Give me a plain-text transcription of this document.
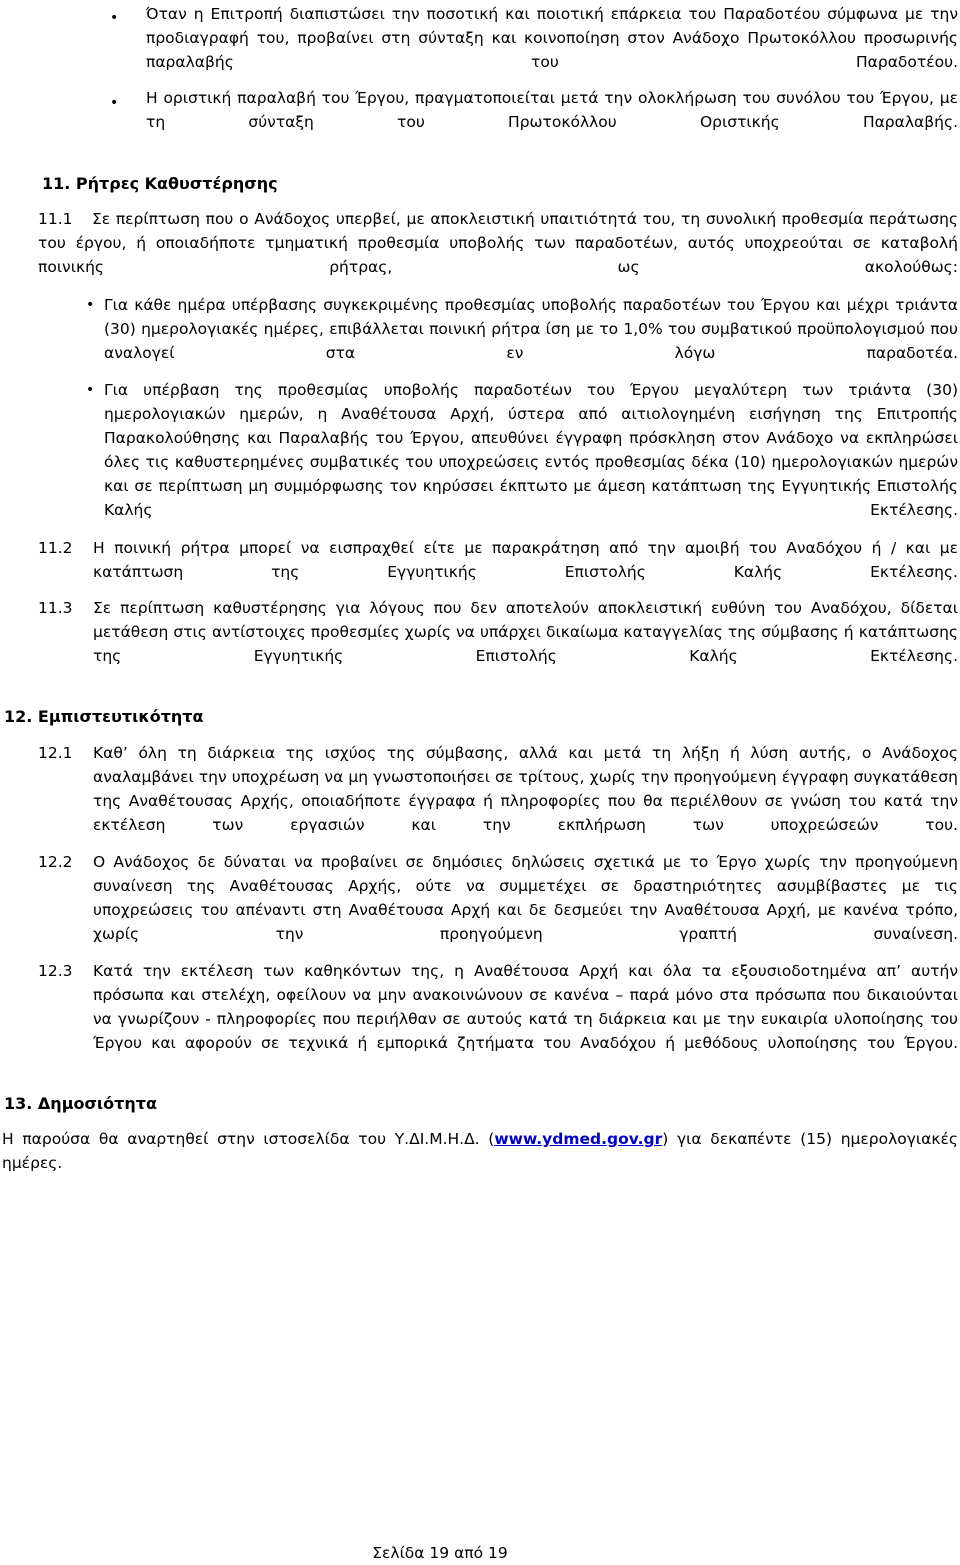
• Όταν η Επιτροπή διαπιστώσει την ποσοτική και ποιοτική επάρκεια του Παραδοτέου σύμφωνα με την προδιαγραφή του, προβαίνει στη σύνταξη και κοινοποίηση στον Ανάδοχο Πρωτοκόλλου προσωρινής παραλαβής του Παραδοτέου.
• Η οριστική παραλαβή του Έργου, πραγματοποιείται μετά την ολοκλήρωση του συνόλου του Έργου, με τη σύνταξη του Πρωτοκόλλου Οριστικής Παραλαβής.
11. Ρήτρες Καθυστέρησης
11.1	Σε περίπτωση που ο Ανάδοχος υπερβεί, με αποκλειστική υπαιτιότητά του, τη συνολική προθεσμία περάτωσης του έργου, ή οποιαδήποτε τμηματική προθεσμία υποβολής των παραδοτέων, αυτός υποχρεούται σε καταβολή ποινικής ρήτρας, ως ακολούθως:
• Για κάθε ημέρα υπέρβασης συγκεκριμένης προθεσμίας υποβολής παραδοτέων του Έργου και μέχρι τριάντα (30) ημερολογιακές ημέρες, επιβάλλεται ποινική ρήτρα ίση με το 1,0% του συμβατικού προϋπολογισμού που αναλογεί στα εν λόγω παραδοτέα.
• Για υπέρβαση της προθεσμίας υποβολής παραδοτέων του Έργου μεγαλύτερη των τριάντα (30) ημερολογιακών ημερών, η Αναθέτουσα Αρχή, ύστερα από αιτιολογημένη εισήγηση της Επιτροπής Παρακολούθησης και Παραλαβής του Έργου, απευθύνει έγγραφη πρόσκληση στον Ανάδοχο να εκπληρώσει όλες τις καθυστερημένες συμβατικές του υποχρεώσεις εντός προθεσμίας δέκα (10) ημερολογιακών ημερών και σε περίπτωση μη συμμόρφωσης τον κηρύσσει έκπτωτο με άμεση κατάπτωση της Εγγυητικής Επιστολής Καλής Εκτέλεσης.
11.2 Η ποινική ρήτρα μπορεί να εισπραχθεί είτε με παρακράτηση από την αμοιβή του Αναδόχου ή / και με κατάπτωση της Εγγυητικής Επιστολής Καλής Εκτέλεσης.
11.3 Σε περίπτωση καθυστέρησης για λόγους που δεν αποτελούν αποκλειστική ευθύνη του Αναδόχου, δίδεται μετάθεση στις αντίστοιχες προθεσμίες χωρίς να υπάρχει δικαίωμα καταγγελίας της σύμβασης ή κατάπτωσης της Εγγυητικής Επιστολής Καλής Εκτέλεσης.
12. Εμπιστευτικότητα
12.1 Καθ’ όλη τη διάρκεια της ισχύος της σύμβασης, αλλά και μετά τη λήξη ή λύση αυτής, ο Ανάδοχος αναλαμβάνει την υποχρέωση να μη γνωστοποιήσει σε τρίτους, χωρίς την προηγούμενη έγγραφη συγκατάθεση της Αναθέτουσας Αρχής, οποιαδήποτε έγγραφα ή πληροφορίες που θα περιέλθουν σε γνώση του κατά την εκτέλεση των εργασιών και την εκπλήρωση των υποχρεώσεών του.
12.2 Ο Ανάδοχος δε δύναται να προβαίνει σε δημόσιες δηλώσεις σχετικά με το Έργο χωρίς την προηγούμενη συναίνεση της Αναθέτουσας Αρχής, ούτε να συμμετέχει σε δραστηριότητες ασυμβίβαστες με τις υποχρεώσεις του απέναντι στη Αναθέτουσα Αρχή και δε δεσμεύει την Αναθέτουσα Αρχή, με κανένα τρόπο, χωρίς την προηγούμενη γραπτή συναίνεση.
12.3 Κατά την εκτέλεση των καθηκόντων της, η Αναθέτουσα Αρχή και όλα τα εξουσιοδοτημένα απ’ αυτήν πρόσωπα και στελέχη, οφείλουν να μην ανακοινώνουν σε κανένα – παρά μόνο στα πρόσωπα που δικαιούνται να γνωρίζουν - πληροφορίες που περιήλθαν σε αυτούς κατά τη διάρκεια και με την ευκαιρία υλοποίησης του Έργου και αφορούν σε τεχνικά ή εμπορικά ζητήματα του Αναδόχου ή μεθόδους υλοποίησης του Έργου.
13. Δημοσιότητα
Η παρούσα θα αναρτηθεί στην ιστοσελίδα του Υ.ΔΙ.Μ.Η.Δ. (www.ydmed.gov.gr) για δεκαπέντε (15) ημερολογιακές ημέρες.
Σελίδα 19 από 19
